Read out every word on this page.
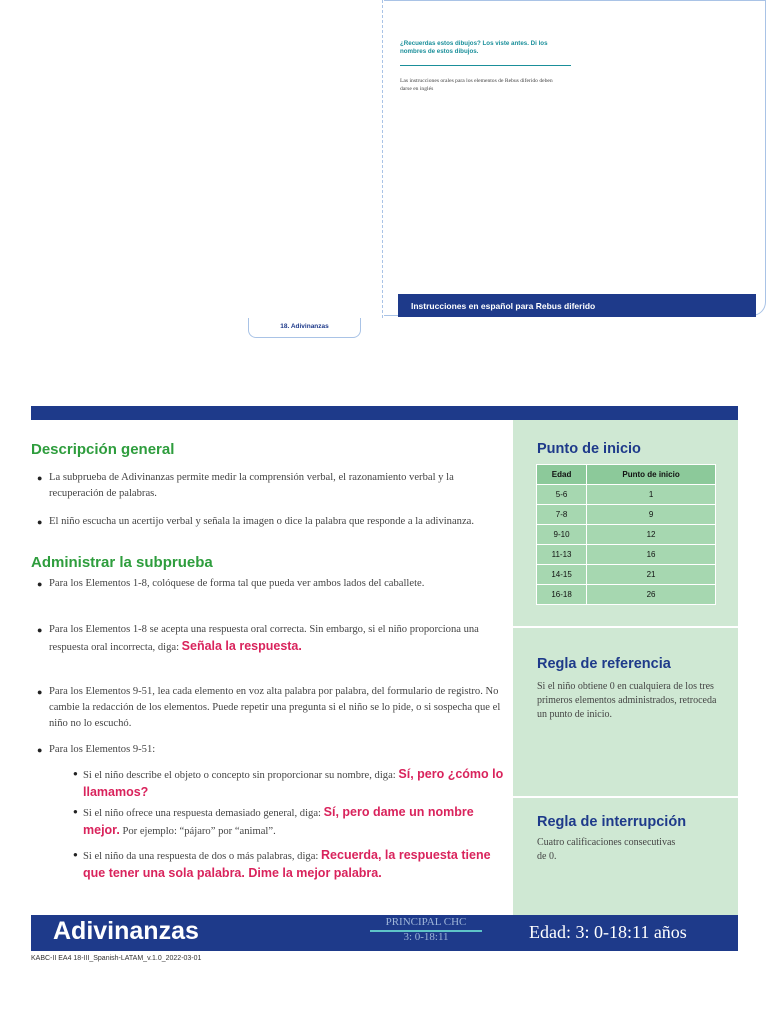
¿Recuerdas estos dibujos? Los viste antes. Di los nombres de estos dibujos.
Las instrucciones orales para los elementos de Rebus diferido deben darse en inglés
Instrucciones en español para Rebus diferido
18. Adivinanzas
Descripción general
● La subprueba de Adivinanzas permite medir la comprensión verbal, el razonamiento verbal y la recuperación de palabras.
● El niño escucha un acertijo verbal y señala la imagen o dice la palabra que responde a la adivinanza.
Administrar la subprueba
● Para los Elementos 1-8, colóquese de forma tal que pueda ver ambos lados del caballete.
● Para los Elementos 1-8 se acepta una respuesta oral correcta. Sin embargo, si el niño proporciona una respuesta oral incorrecta, diga: Señala la respuesta.
● Para los Elementos 9-51, lea cada elemento en voz alta palabra por palabra, del formulario de registro. No cambie la redacción de los elementos. Puede repetir una pregunta si el niño se lo pide, o si sospecha que el niño no lo escuchó.
● Para los Elementos 9-51:
● Si el niño describe el objeto o concepto sin proporcionar su nombre, diga: Sí, pero ¿cómo lo llamamos?
● Si el niño ofrece una respuesta demasiado general, diga: Sí, pero dame un nombre mejor. Por ejemplo: “pájaro” por “animal”.
● Si el niño da una respuesta de dos o más palabras, diga: Recuerda, la respuesta tiene que tener una sola palabra. Dime la mejor palabra.
Punto de inicio
Edad	Punto de inicio
5-6	1
7-8	9
9-10	12
11-13	16
14-15	21
16-18	26
Regla de referencia
Si el niño obtiene 0 en cualquiera de los tres primeros elementos administrados, retroceda un punto de inicio.
Regla de interrupción
Cuatro calificaciones consecutivas de 0.
Adivinanzas	PRINCIPAL CHC
3: 0-18:11	Edad: 3: 0-18:11 años
KABC-II EA4 18-III_Spanish-LATAM_v.1.0_2022-03-01
